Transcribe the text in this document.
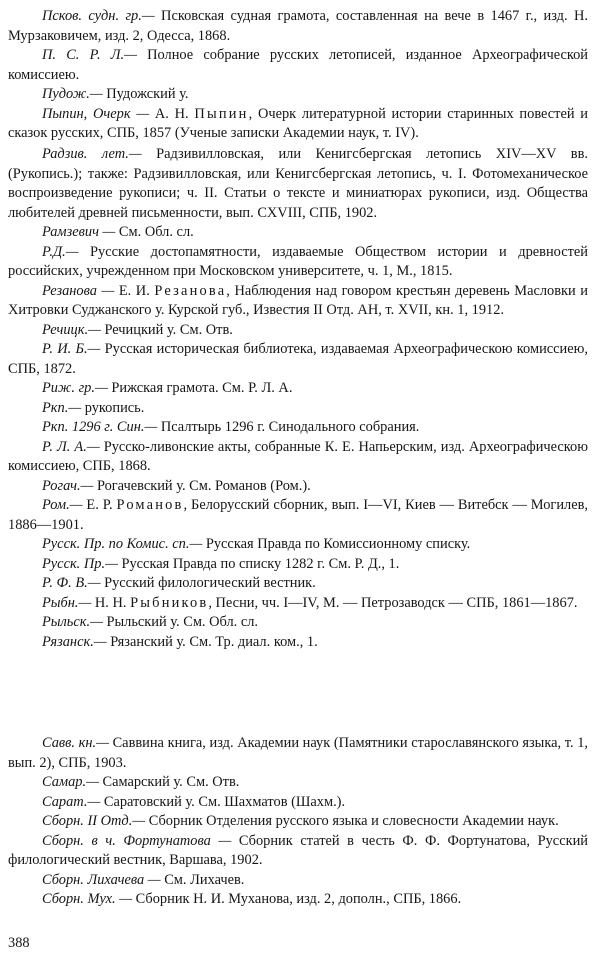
Псков. судн. гр.— Псковская судная грамота, составленная на вече в 1467 г., изд. Н. Мурзаковичем, изд. 2, Одесса, 1868.

П. С. Р. Л.— Полное собрание русских летописей, изданное Археографической комиссиею.

Пудож.— Пудожский у.

Пыпин, Очерк — А. Н. Пыпин, Очерк литературной истории старинных повестей и сказок русских, СПБ, 1857 (Ученые записки Академии наук, т. IV).

Радзив. лет.— Радзивилловская, или Кенигсбергская летопись XIV—XV вв. (Рукопись.); также: Радзивилловская, или Кенигсбергская летопись, ч. I. Фотомеханическое воспроизведение рукописи; ч. II. Статьи о тексте и миниатюрах рукописи, изд. Общества любителей древней письменности, вып. CXVIII, СПБ, 1902.

Рамзевич — См. Обл. сл.

Р.Д.— Русские достопамятности, издаваемые Обществом истории и древностей российских, учрежденном при Московском университете, ч. 1, М., 1815.

Резанова — Е. И. Резанова, Наблюдения над говором крестьян деревень Масловки и Хитровки Суджанского у. Курской губ., Известия II Отд. АН, т. XVII, кн. 1, 1912.

Речицк.— Речицкий у. См. Отв.

Р. И. Б.— Русская историческая библиотека, издаваемая Археографическою комиссиею, СПБ, 1872.

Риж. гр.— Рижская грамота. См. Р. Л. А.

Ркп.— рукопись.

Ркп. 1296 г. Син.— Псалтырь 1296 г. Синодального собрания.

Р. Л. А.— Русско-ливонские акты, собранные К. Е. Напьерским, изд. Археографическою комиссиею, СПБ, 1868.

Рогач.— Рогачевский у. См. Романов (Ром.).

Ром.— Е. Р. Романов, Белорусский сборник, вып. I—VI, Киев — Витебск — Могилев, 1886—1901.

Русск. Пр. по Комис. сп.— Русская Правда по Комиссионному списку.

Русск. Пр.— Русская Правда по списку 1282 г. См. Р. Д., 1.

Р. Ф. В.— Русский филологический вестник.

Рыбн.— Н. Н. Рыбников, Песни, чч. I—IV, М. — Петрозаводск — СПБ, 1861—1867.

Рыльск.— Рыльский у. См. Обл. сл.

Рязанск.— Рязанский у. См. Тр. диал. ком., 1.

Савв. кн.— Саввина книга, изд. Академии наук (Памятники старославянского языка, т. 1, вып. 2), СПБ, 1903.

Самар.— Самарский у. См. Отв.

Сарат.— Саратовский у. См. Шахматов (Шахм.).

Сборн. II Отд.— Сборник Отделения русского языка и словесности Академии наук.

Сборн. в ч. Фортунатова — Сборник статей в честь Ф. Ф. Фортунатова, Русский филологический вестник, Варшава, 1902.

Сборн. Лихачева — См. Лихачев.

Сборн. Мух. — Сборник Н. И. Муханова, изд. 2, дополн., СПБ, 1866.

388
